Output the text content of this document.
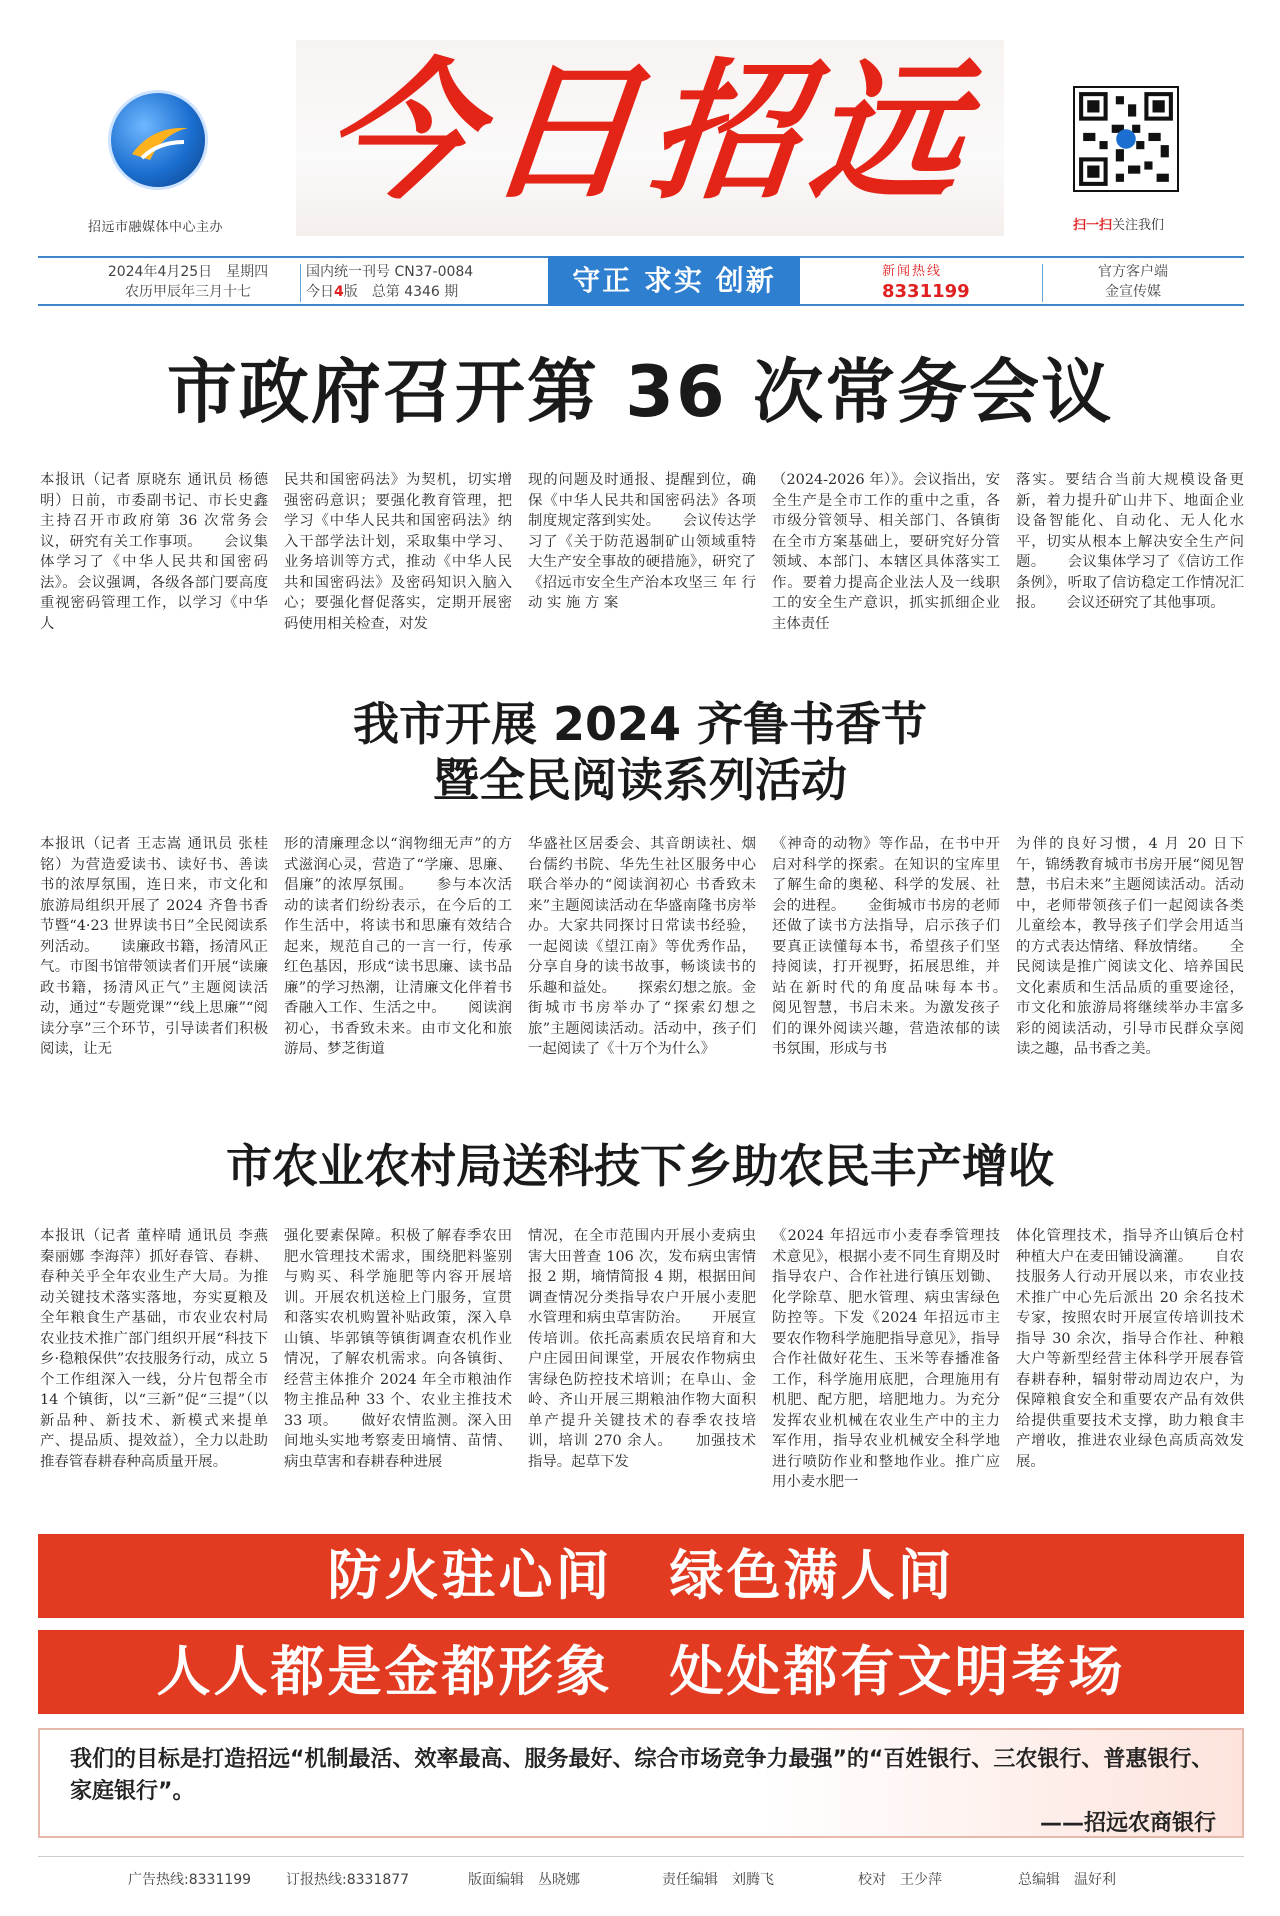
招远市融媒体中心主办
今日招远
扫一扫关注我们
2024年4月25日　星期四
农历甲辰年三月十七
国内统一刊号 CN37-0084
今日4版　总第 4346 期	守正 求实 创新	新闻热线
8331199
官方客户端
金宣传媒
市政府召开第 36 次常务会议
本报讯（记者 原晓东 通讯员 杨德明）日前，市委副书记、市长史鑫主持召开市政府第 36 次常务会议，研究有关工作事项。　　会议集体学习了《中华人民共和国密码法》。会议强调，各级各部门要高度重视密码管理工作，以学习《中华人
民共和国密码法》为契机，切实增强密码意识；要强化教育管理，把学习《中华人民共和国密码法》纳入干部学法计划，采取集中学习、业务培训等方式，推动《中华人民共和国密码法》及密码知识入脑入心；要强化督促落实，定期开展密码使用相关检查，对发
现的问题及时通报、提醒到位，确保《中华人民共和国密码法》各项制度规定落到实处。　　会议传达学习了《关于防范遏制矿山领域重特大生产安全事故的硬措施》，研究了《招远市安全生产治本攻坚三 年 行 动 实 施 方 案
（2024-2026 年）》。会议指出，安全生产是全市工作的重中之重，各市级分管领导、相关部门、各镇街在全市方案基础上，要研究好分管领域、本部门、本辖区具体落实工作。要着力提高企业法人及一线职工的安全生产意识，抓实抓细企业主体责任
落实。要结合当前大规模设备更新，着力提升矿山井下、地面企业设备智能化、自动化、无人化水平，切实从根本上解决安全生产问题。　　会议集体学习了《信访工作条例》，听取了信访稳定工作情况汇报。　　会议还研究了其他事项。
我市开展 2024 齐鲁书香节
暨全民阅读系列活动
本报讯（记者 王志嵩 通讯员 张桂铭）为营造爱读书、读好书、善读书的浓厚氛围，连日来，市文化和旅游局组织开展了 2024 齐鲁书香节暨“4·23 世界读书日”全民阅读系列活动。　　读廉政书籍，扬清风正气。市图书馆带领读者们开展“读廉政书籍，扬清风正气”主题阅读活动，通过“专题党课”“线上思廉”“阅读分享”三个环节，引导读者们积极阅读，让无
形的清廉理念以“润物细无声”的方式滋润心灵，营造了“学廉、思廉、倡廉”的浓厚氛围。　　参与本次活动的读者们纷纷表示，在今后的工作生活中，将读书和思廉有效结合起来，规范自己的一言一行，传承红色基因，形成“读书思廉、读书品廉”的学习热潮，让清廉文化伴着书香融入工作、生活之中。　　阅读润初心，书香致未来。由市文化和旅游局、梦芝街道
华盛社区居委会、其音朗读社、烟台儒约书院、华先生社区服务中心联合举办的“阅读润初心 书香致未来”主题阅读活动在华盛南隆书房举办。大家共同探讨日常读书经验，一起阅读《望江南》等优秀作品，分享自身的读书故事，畅谈读书的乐趣和益处。　　探索幻想之旅。金街城市书房举办了“探索幻想之旅”主题阅读活动。活动中，孩子们一起阅读了《十万个为什么》
《神奇的动物》等作品，在书中开启对科学的探索。在知识的宝库里了解生命的奥秘、科学的发展、社会的进程。　　金街城市书房的老师还做了读书方法指导，启示孩子们要真正读懂每本书，希望孩子们坚持阅读，打开视野，拓展思维，并站在新时代的角度品味每本书。　　阅见智慧，书启未来。为激发孩子们的课外阅读兴趣，营造浓郁的读书氛围，形成与书
为伴的良好习惯，4 月 20 日下午，锦绣教育城市书房开展“阅见智慧，书启未来”主题阅读活动。活动中，老师带领孩子们一起阅读各类儿童绘本，教导孩子们学会用适当的方式表达情绪、释放情绪。　　全民阅读是推广阅读文化、培养国民文化素质和生活品质的重要途径，市文化和旅游局将继续举办丰富多彩的阅读活动，引导市民群众享阅读之趣，品书香之美。
市农业农村局送科技下乡助农民丰产增收
本报讯（记者 董梓晴 通讯员 李燕 秦丽娜 李海萍）抓好春管、春耕、春种关乎全年农业生产大局。为推动关键技术落实落地，夯实夏粮及全年粮食生产基础，市农业农村局农业技术推广部门组织开展“科技下乡·稳粮保供”农技服务行动，成立 5 个工作组深入一线，分片包帮全市 14 个镇街，以“三新”促“三提”（以新品种、新技术、新模式来提单产、提品质、提效益），全力以赴助推春管春耕春种高质量开展。
强化要素保障。积极了解春季农田肥水管理技术需求，围绕肥料鉴别与购买、科学施肥等内容开展培训。开展农机送检上门服务，宣贯和落实农机购置补贴政策，深入阜山镇、毕郭镇等镇街调查农机作业情况，了解农机需求。向各镇街、经营主体推介 2024 年全市粮油作物主推品种 33 个、农业主推技术 33 项。　　做好农情监测。深入田间地头实地考察麦田墒情、苗情、病虫草害和春耕春种进展
情况，在全市范围内开展小麦病虫害大田普查 106 次，发布病虫害情报 2 期，墒情简报 4 期，根据田间调查情况分类指导农户开展小麦肥水管理和病虫草害防治。　　开展宣传培训。依托高素质农民培育和大户庄园田间课堂，开展农作物病虫害绿色防控技术培训；在阜山、金岭、齐山开展三期粮油作物大面积单产提升关键技术的春季农技培训，培训 270 余人。　　加强技术指导。起草下发
《2024 年招远市小麦春季管理技术意见》，根据小麦不同生育期及时指导农户、合作社进行镇压划锄、化学除草、肥水管理、病虫害绿色防控等。下发《2024 年招远市主要农作物科学施肥指导意见》，指导合作社做好花生、玉米等春播准备工作，科学施用底肥，合理施用有机肥、配方肥，培肥地力。为充分发挥农业机械在农业生产中的主力军作用，指导农业机械安全科学地进行喷防作业和整地作业。推广应用小麦水肥一
体化管理技术，指导齐山镇后仓村种植大户在麦田铺设滴灌。　　自农技服务人行动开展以来，市农业技术推广中心先后派出 20 余名技术专家，按照农时开展宣传培训技术指导 30 余次，指导合作社、种粮大户等新型经营主体科学开展春管春耕春种，辐射带动周边农户，为保障粮食安全和重要农产品有效供给提供重要技术支撑，助力粮食丰产增收，推进农业绿色高质高效发展。
防火驻心间　绿色满人间
人人都是金都形象　处处都有文明考场
我们的目标是打造招远“机制最活、效率最高、服务最好、综合市场竞争力最强”的“百姓银行、三农银行、普惠银行、家庭银行”。
——招远农商银行
广告热线:8331199 订报热线:8331877	版面编辑　丛晓娜	责任编辑　刘腾飞	校对　王少萍	总编辑　温好利
